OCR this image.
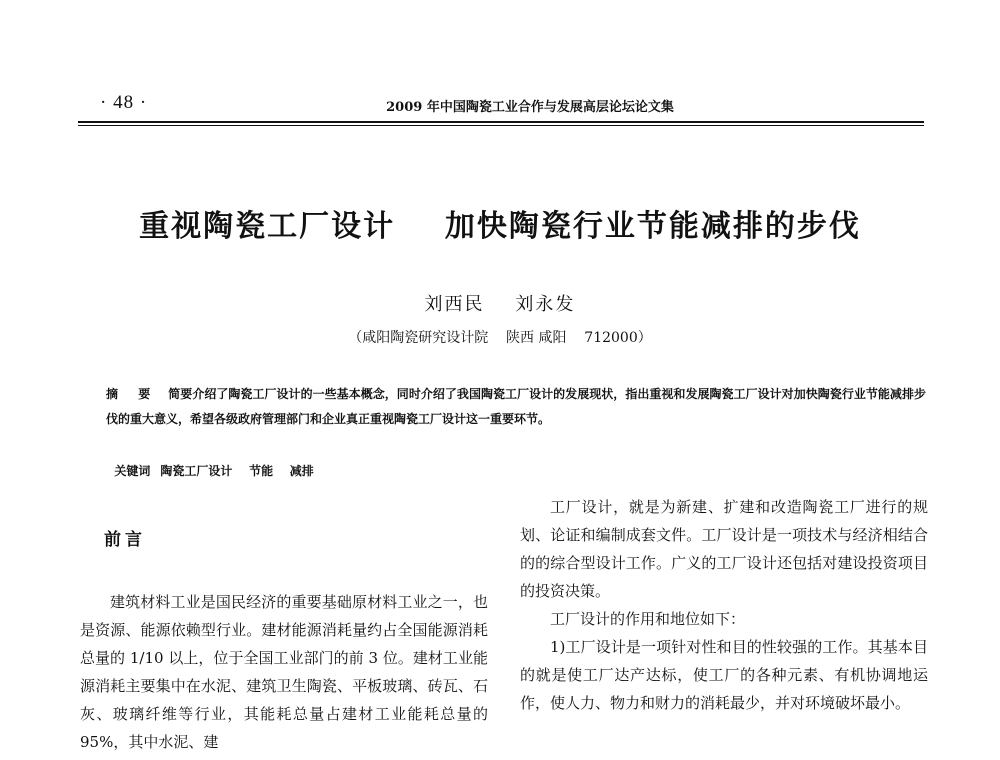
· 48 ·	2009 年中国陶瓷工业合作与发展高层论坛论文集
重视陶瓷工厂设计    加快陶瓷行业节能减排的步伐
刘西民    刘永发
（咸阳陶瓷研究设计院    陕西 咸阳    712000）
摘 要 简要介绍了陶瓷工厂设计的一些基本概念，同时介绍了我国陶瓷工厂设计的发展现状，指出重视和发展陶瓷工厂设计对加快陶瓷行业节能减排步伐的重大意义，希望各级政府管理部门和企业真正重视陶瓷工厂设计这一重要环节。

关键词 陶瓷工厂设计    节能    减排

前言

建筑材料工业是国民经济的重要基础原材料工业之一，也是资源、能源依赖型行业。建材能源消耗量约占全国能源消耗总量的 1/10 以上，位于全国工业部门的前 3 位。建材工业能源消耗主要集中在水泥、建筑卫生陶瓷、平板玻璃、砖瓦、石灰、玻璃纤维等行业，其能耗总量占建材工业能耗总量的 95%，其中水泥、建

工厂设计，就是为新建、扩建和改造陶瓷工厂进行的规划、论证和编制成套文件。工厂设计是一项技术与经济相结合的的综合型设计工作。广义的工厂设计还包括对建设投资项目的投资决策。

工厂设计的作用和地位如下：

1)工厂设计是一项针对性和目的性较强的工作。其基本目的就是使工厂达产达标，使工厂的各种元素、有机协调地运作，使人力、物力和财力的消耗最少，并对环境破坏最小。
